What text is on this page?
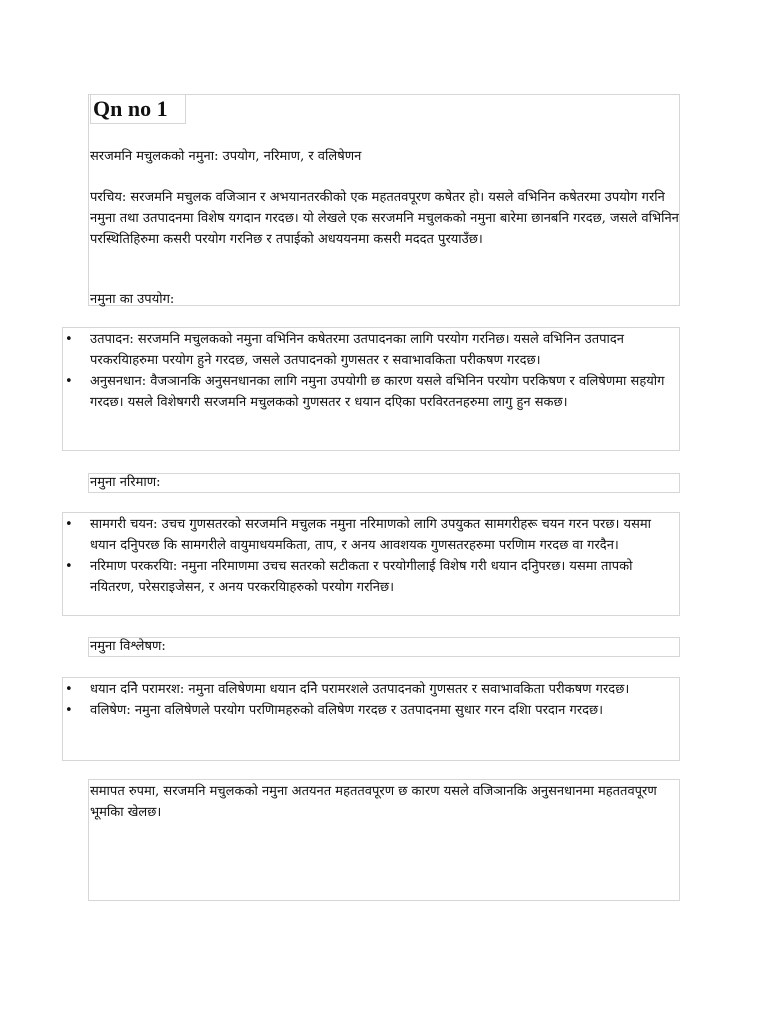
Qn no 1

सरजमनि मचुलकको नमुना: उपयोग, नरिमाण, र वलिषेणन

परचिय: सरजमनि मचुलक वजिञान र अभयानतरकीको एक महततवपूरण कषेतर हो। यसले वभिनिन कषेतरमा उपयोग गरनि नमुना तथा उतपादनमा विशेष यगदान गरदछ। यो लेखले एक सरजमनि मचुलकको नमुना बारेमा छानबनि गरदछ, जसले वभिनिन परस्थितिहिरुमा कसरी परयोग गरनिछ र तपाईको अधययनमा कसरी मददत पुरयाउँछ।

नमुना का उपयोग:
• उतपादन: सरजमनि मचुलकको नमुना वभिनिन कषेतरमा उतपादनका लागि परयोग गरनिछ। यसले वभिनिन उतपादन परकरयािहरुमा परयोग हुने गरदछ, जसले उतपादनको गुणसतर र सवाभावकिता परीकषण गरदछ।
• अनुसनधान: वैजञानकि अनुसनधानका लागि नमुना उपयोगी छ कारण यसले वभिनिन परयोग परकिषण र वलिषेणमा सहयोग गरदछ। यसले विशेषगरी सरजमनि मचुलकको गुणसतर र धयान दएिका परविरतनहरुमा लागु हुन सकछ।
नमुना नरिमाण:
• सामगरी चयन: उचच गुणसतरको सरजमनि मचुलक नमुना नरिमाणको लागि उपयुकत सामगरीहरू चयन गरन परछ। यसमा धयान दनिुपरछ कि सामगरीले वायुमाधयमकिता, ताप, र अनय आवशयक गुणसतरहरुमा परणिाम गरदछ वा गरदैन।
• नरिमाण परकरयाि: नमुना नरिमाणमा उचच सतरको सटीकता र परयोगीलाई विशेष गरी धयान दनिुपरछ। यसमा तापको नयितरण, परेसराइजेसन, र अनय परकरयािहरुको परयोग गरनिछ।
नमुना विश्लेषण:
• धयान दनिे परामरश: नमुना वलिषेणमा धयान दनिे परामरशले उतपादनको गुणसतर र सवाभावकिता परीकषण गरदछ।
• वलिषेण: नमुना वलिषेणले परयोग परणिामहरुको वलिषेण गरदछ र उतपादनमा सुधार गरन दशिा परदान गरदछ।

समापत रुपमा, सरजमनि मचुलकको नमुना अतयनत महततवपूरण छ कारण यसले वजिञानकि अनुसनधानमा महततवपूरण भूमकिा खेलछ।
